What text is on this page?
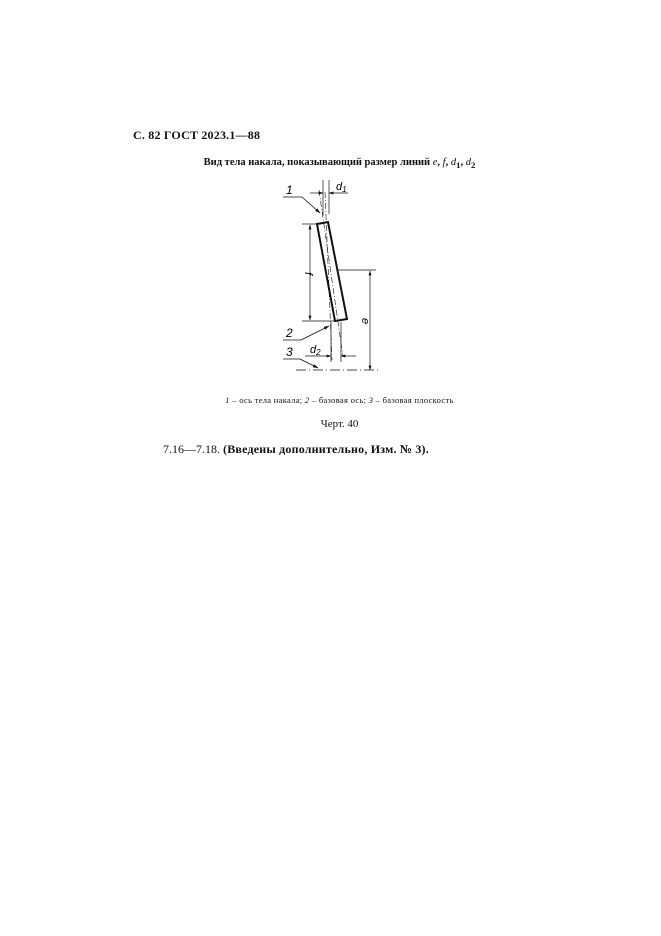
С. 82 ГОСТ 2023.1—88
Вид тела накала, показывающий размер линий e, f, $d_1$, $d_2$
1
2
3
d1
d2
f
e
1 – ось тела накала; 2 – базовая ось; 3 – базовая плоскость
Черт. 40
7.16—7.18. (Введены дополнительно, Изм. № 3).
